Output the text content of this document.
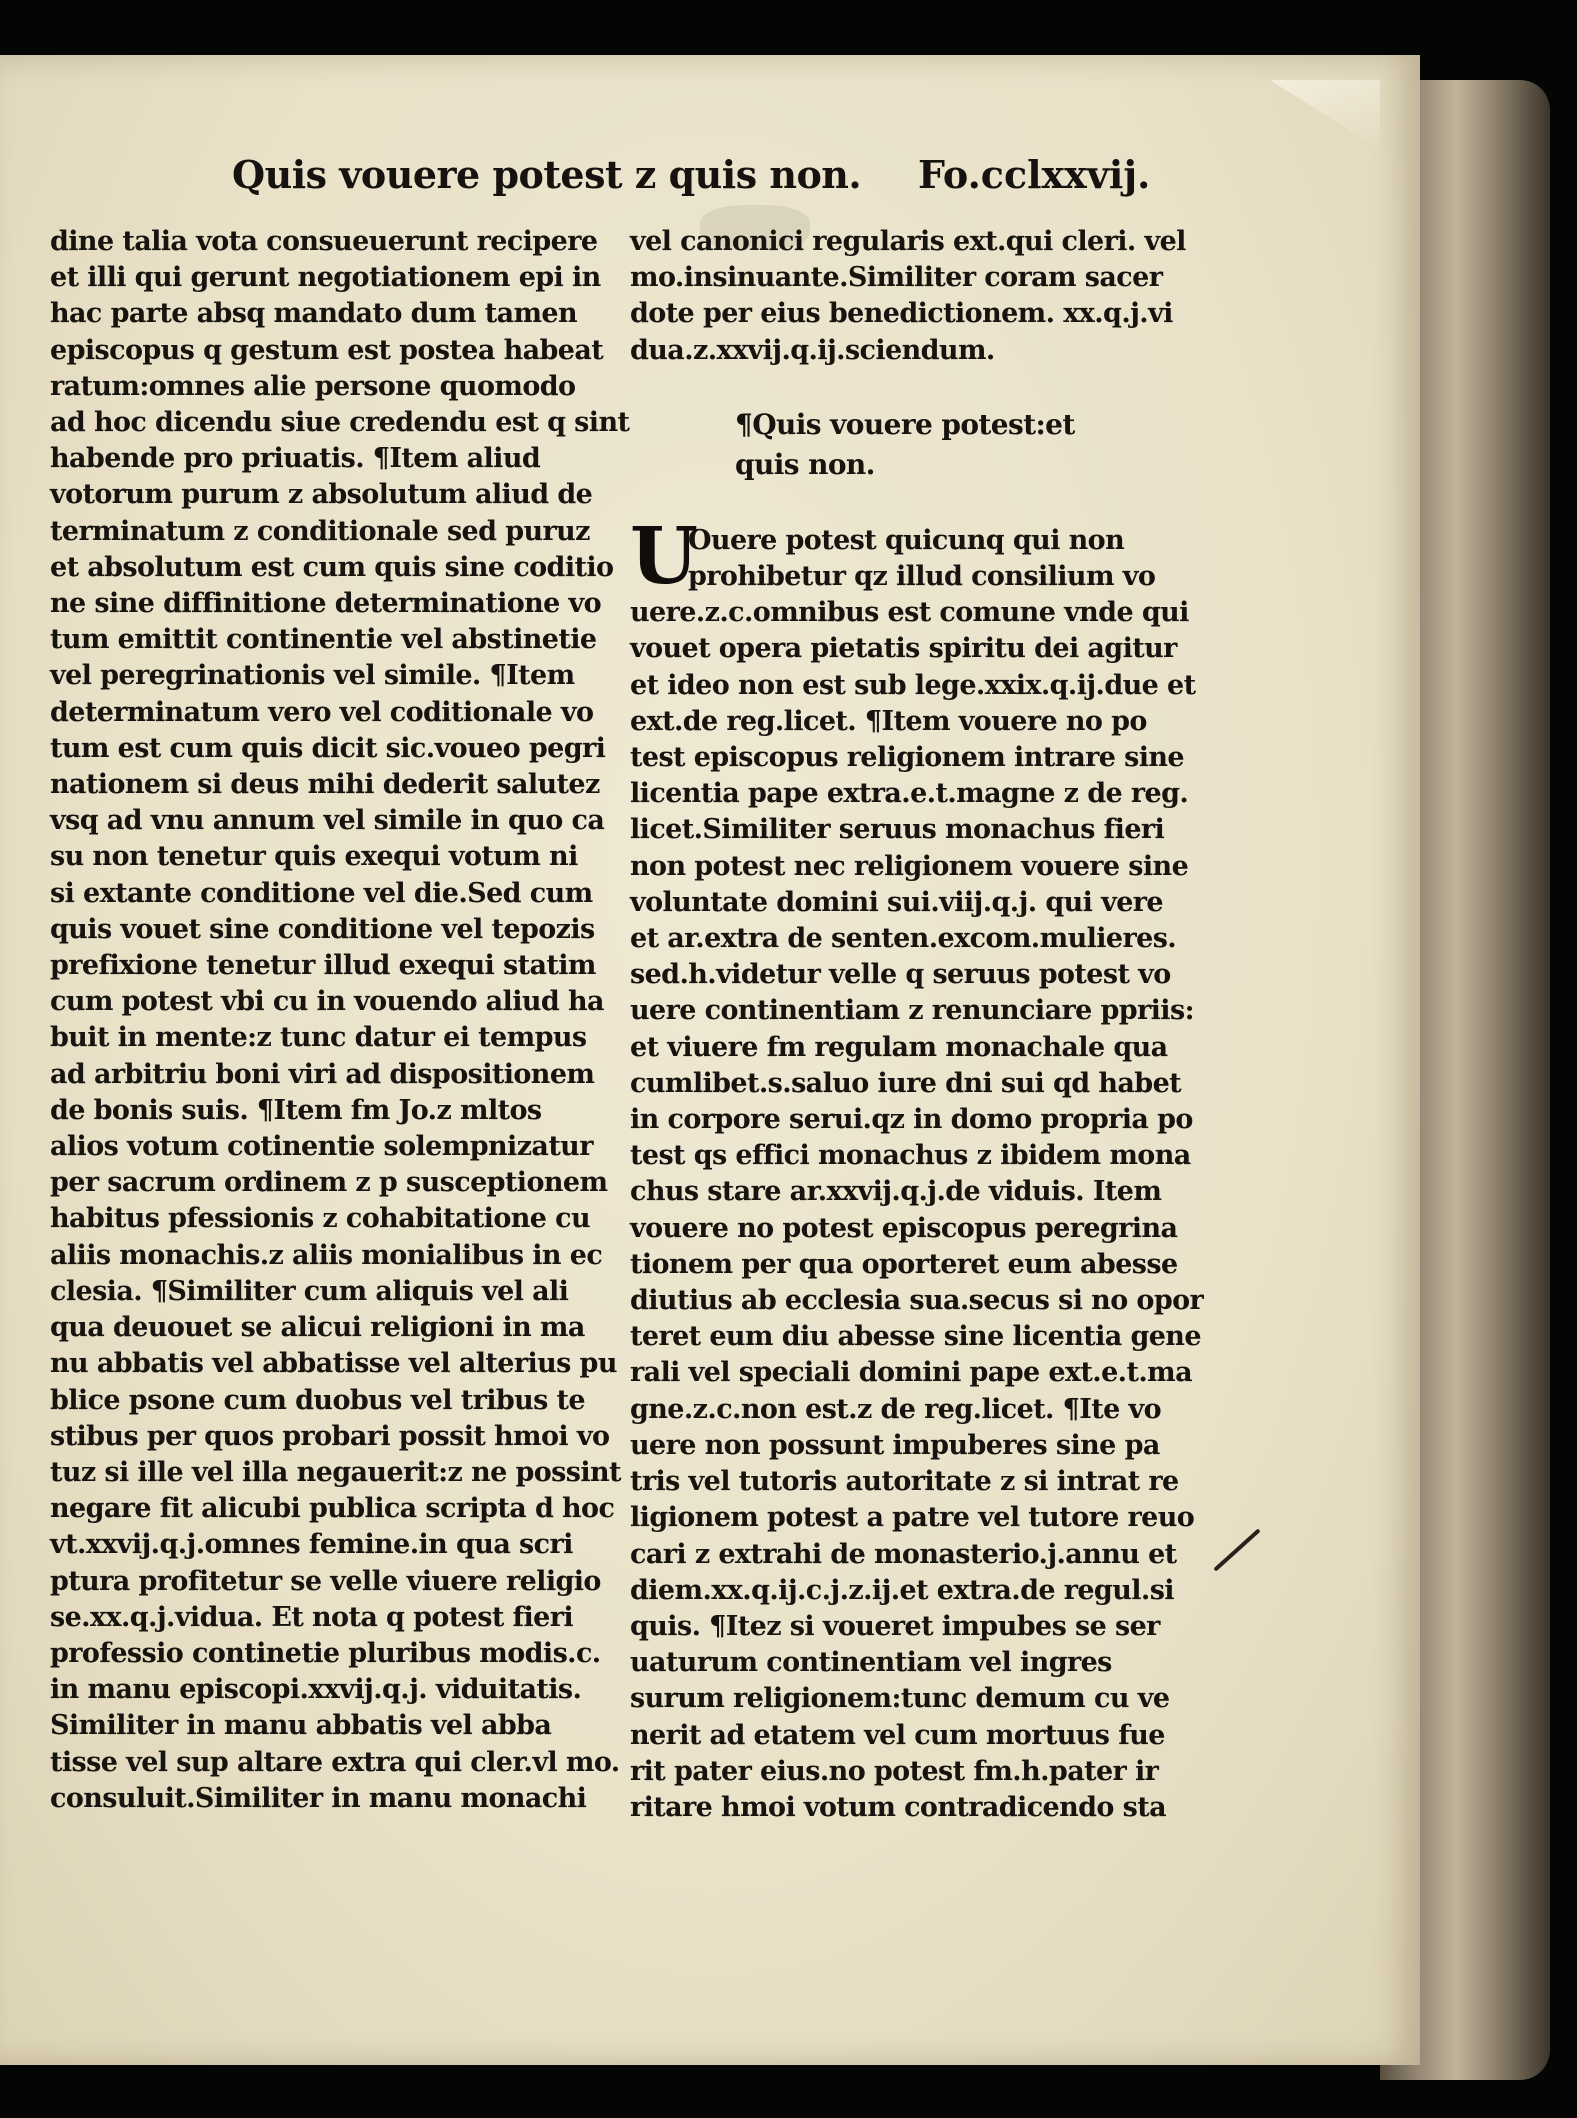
Quis vouere potest z quis non. Fo.cclxxvij.
dine talia vota consueuerunt recipere
et illi qui gerunt negotiationem epi in
hac parte absq mandato dum tamen
episcopus q gestum est postea habeat
ratum:omnes alie persone quomodo
ad hoc dicendu siue credendu est q sint
habende pro priuatis. ¶Item aliud
votorum purum z absolutum aliud de
terminatum z conditionale sed puruz
et absolutum est cum quis sine coditio
ne sine diffinitione determinatione vo
tum emittit continentie vel abstinetie
vel peregrinationis vel simile. ¶Item
determinatum vero vel coditionale vo
tum est cum quis dicit sic.voueo pegri
nationem si deus mihi dederit salutez
vsq ad vnu annum vel simile in quo ca
su non tenetur quis exequi votum ni
si extante conditione vel die.Sed cum
quis vouet sine conditione vel tepozis
prefixione tenetur illud exequi statim
cum potest vbi cu in vouendo aliud ha
buit in mente:z tunc datur ei tempus
ad arbitriu boni viri ad dispositionem
de bonis suis. ¶Item fm Jo.z mltos
alios votum cotinentie solempnizatur
per sacrum ordinem z p susceptionem
habitus pfessionis z cohabitatione cu
aliis monachis.z aliis monialibus in ec
clesia. ¶Similiter cum aliquis vel ali
qua deuouet se alicui religioni in ma
nu abbatis vel abbatisse vel alterius pu
blice psone cum duobus vel tribus te
stibus per quos probari possit hmoi vo
tuz si ille vel illa negauerit:z ne possint
negare fit alicubi publica scripta d hoc
vt.xxvij.q.j.omnes femine.in qua scri
ptura profitetur se velle viuere religio
se.xx.q.j.vidua. Et nota q potest fieri
professio continetie pluribus modis.c.
in manu episcopi.xxvij.q.j. viduitatis.
Similiter in manu abbatis vel abba
tisse vel sup altare extra qui cler.vl mo.
consuluit.Similiter in manu monachi
vel canonici regularis ext.qui cleri. vel
mo.insinuante.Similiter coram sacer
dote per eius benedictionem. xx.q.j.vi
dua.z.xxvij.q.ij.sciendum.
¶Quis vouere potest:et
quis non.
U
Ouere potest quicunq qui non
prohibetur qz illud consilium vo
uere.z.c.omnibus est comune vnde qui
vouet opera pietatis spiritu dei agitur
et ideo non est sub lege.xxix.q.ij.due et
ext.de reg.licet. ¶Item vouere no po
test episcopus religionem intrare sine
licentia pape extra.e.t.magne z de reg.
licet.Similiter seruus monachus fieri
non potest nec religionem vouere sine
voluntate domini sui.viij.q.j. qui vere
et ar.extra de senten.excom.mulieres.
sed.h.videtur velle q seruus potest vo
uere continentiam z renunciare ppriis:
et viuere fm regulam monachale qua
cumlibet.s.saluo iure dni sui qd habet
in corpore serui.qz in domo propria po
test qs effici monachus z ibidem mona
chus stare ar.xxvij.q.j.de viduis. Item
vouere no potest episcopus peregrina
tionem per qua oporteret eum abesse
diutius ab ecclesia sua.secus si no opor
teret eum diu abesse sine licentia gene
rali vel speciali domini pape ext.e.t.ma
gne.z.c.non est.z de reg.licet. ¶Ite vo
uere non possunt impuberes sine pa
tris vel tutoris autoritate z si intrat re
ligionem potest a patre vel tutore reuo
cari z extrahi de monasterio.j.annu et
diem.xx.q.ij.c.j.z.ij.et extra.de regul.si
quis. ¶Itez si voueret impubes se ser
uaturum continentiam vel ingres
surum religionem:tunc demum cu ve
nerit ad etatem vel cum mortuus fue
rit pater eius.no potest fm.h.pater ir
ritare hmoi votum contradicendo sta
